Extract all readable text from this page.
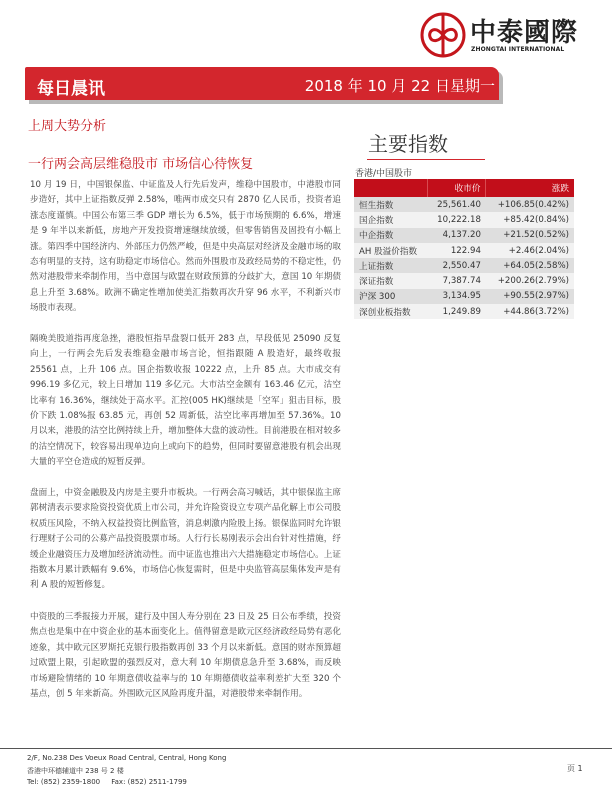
中泰國際
ZHONGTAI INTERNATIONAL
每日晨讯	2018 年 10 月 22 日星期一
上周大势分析
一行两会高层维稳股市 市场信心待恢复

10 月 19 日，中国银保监、中证监及人行先后发声，维稳中国股市，中港股市同步造好，其中上证指数反弹 2.58%，唯两市成交只有 2870 亿人民币，投资者追涨态度谨慎。中国公布第三季 GDP 增长为 6.5%，低于市场预期的 6.6%，增速是 9 年半以来新低，房地产开发投资增速继续放缓，但零售销售及固投有小幅上涨。第四季中国经济内、外部压力仍然严峻，但是中央高层对经济及金融市场的取态有明显的支持，这有助稳定市场信心。然而外围股市及政经局势的不稳定性，仍然对港股带来牵制作用，当中意国与欧盟在财政预算的分歧扩大，意国 10 年期债息上升至 3.68%。欧洲不确定性增加使美汇指数再次升穿 96 水平，不利新兴市场股市表现。

隔晚美股道指再度急挫，港股恒指早盘裂口低开 283 点，早段低见 25090 反复向上，一行两会先后发表维稳金融市场言论，恒指跟随 A 股造好，最终收报 25561 点，上升 106 点。国企指数收报 10222 点，上升 85 点。大市成交有 996.19 多亿元，较上日增加 119 多亿元。大市沽空金额有 163.46 亿元，沽空比率有 16.36%，继续处于高水平。汇控(005 HK)继续是「空军」狙击目标，股价下跌 1.08%报 63.85 元，再创 52 周新低，沽空比率再增加至 57.36%。10 月以来，港股的沽空比例持续上升，增加整体大盘的波动性。目前港股在相对较多的沽空情况下，较容易出现单边向上或向下的趋势，但同时要留意港股有机会出现大量的平空仓造成的短暂反弹。

盘面上，中资金融股及内房是主要升市板块。一行两会高习喊话，其中银保监主席郭树清表示要求险资投资优质上市公司，并允许险资设立专项产品化解上市公司股权质压风险，不纳入权益投资比例监管，消息刺激内险股上扬。银保监同时允许银行理财子公司的公募产品投资股票市场。人行行长易刚表示会出台针对性措施，纾缓企业融资压力及增加经济流动性。而中证监也推出六大措施稳定市场信心。上证指数本月累计跌幅有 9.6%，市场信心恢复需时，但是中央监管高层集体发声是有利 A 股的短暂修复。

中资股的三季报接力开展，建行及中国人寿分别在 23 日及 25 日公布季绩，投资焦点也是集中在中资企业的基本面变化上。值得留意是欧元区经济政经局势有恶化迹象，其中欧元区罗斯托克银行股指数再创 33 个月以来新低。意国的财赤预算超过欧盟上限，引起欧盟的强烈反对，意大利 10 年期债息急升至 3.68%，而反映市场避险情绪的 10 年期意债收益率与的 10 年期德债收益率利差扩大至 320 个基点，创 5 年来新高。外围欧元区风险再度升温，对港股带来牵制作用。

主要指数
香港/中国股市
	收市价	涨跌
恒生指数	25,561.40	+106.85(0.42%)
国企指数	10,222.18	+85.42(0.84%)
中企指数	4,137.20	+21.52(0.52%)
AH 股溢价指数	122.94	+2.46(2.04%)
上证指数	2,550.47	+64.05(2.58%)
深证指数	7,387.74	+200.26(2.79%)
沪深 300	3,134.95	+90.55(2.97%)
深创业板指数	1,249.89	+44.86(3.72%)
2/F, No.238 Des Voeux Road Central, Central, Hong Kong
香港中环德辅道中 238 号 2 楼
Tel: (852) 2359-1800     Fax: (852) 2511-1799
页 1
